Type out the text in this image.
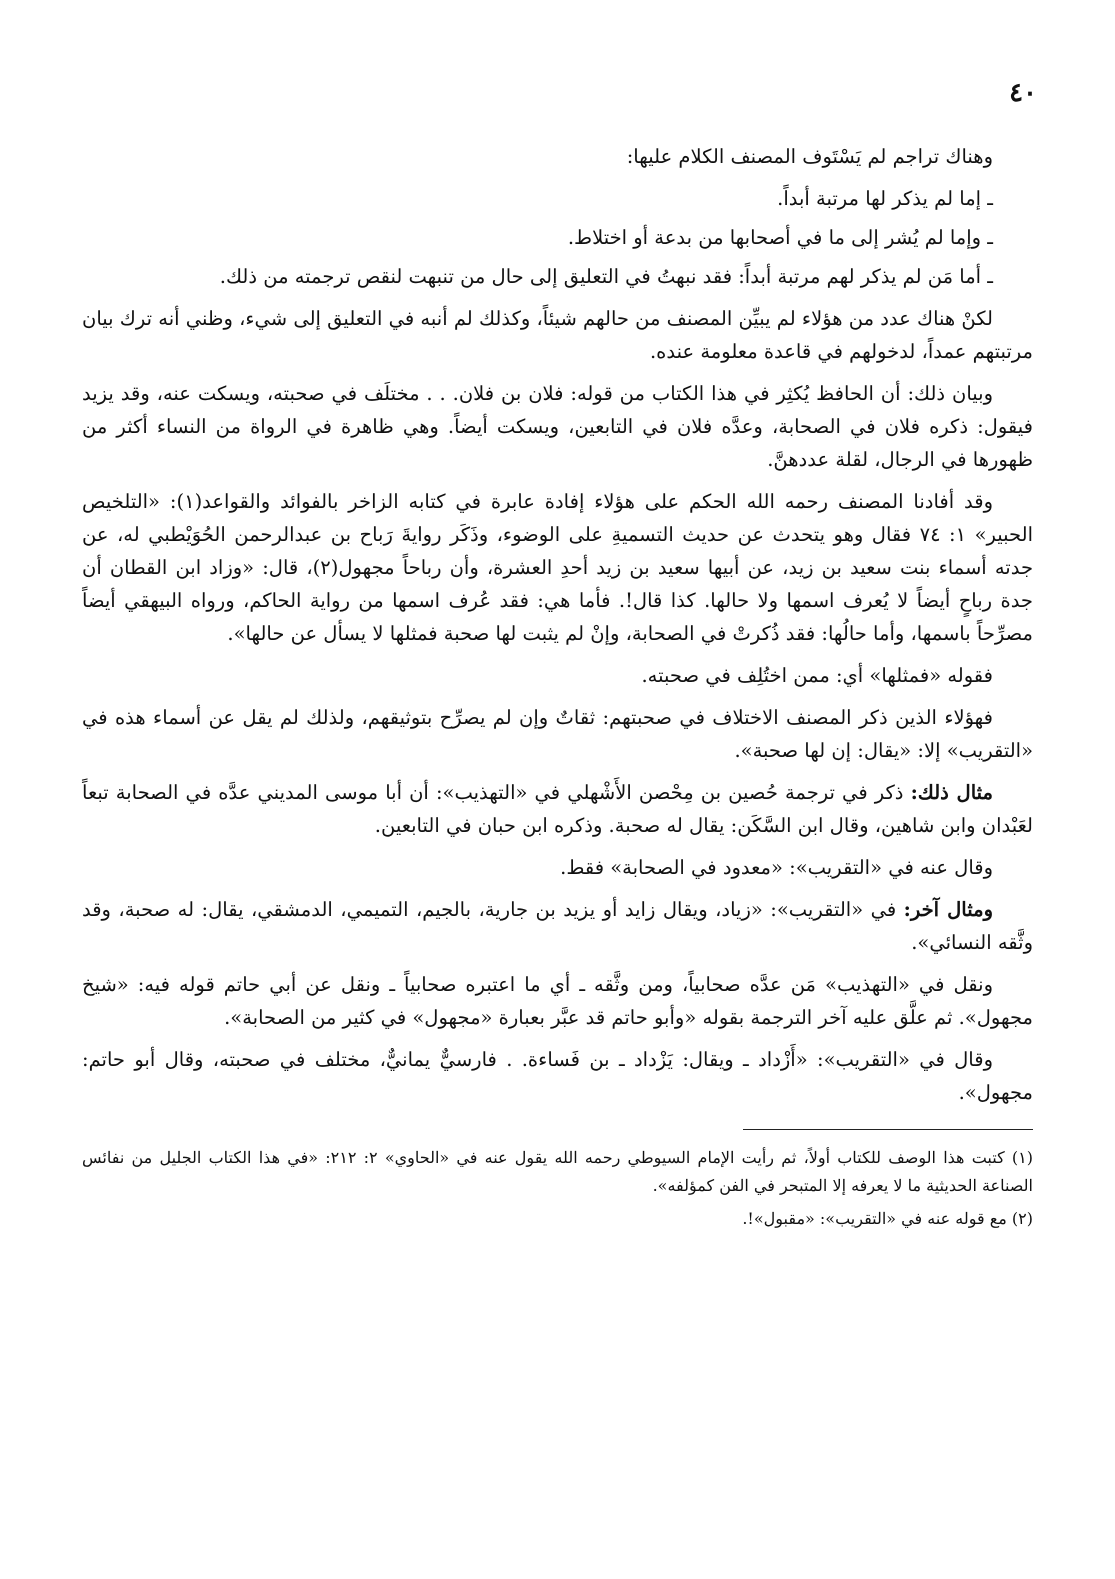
٤٠

وهناك تراجم لم يَسْتَوف المصنف الكلام عليها:

ـ إما لم يذكر لها مرتبة أبداً.

ـ وإما لم يُشر إلى ما في أصحابها من بدعة أو اختلاط.

ـ أما مَن لم يذكر لهم مرتبة أبداً: فقد نبهتُ في التعليق إلى حال من تنبهت لنقص ترجمته من ذلك.

لكنْ هناك عدد من هؤلاء لم يبيِّن المصنف من حالهم شيئاً، وكذلك لم أنبه في التعليق إلى شيء، وظني أنه ترك بيان مرتبتهم عمداً، لدخولهم في قاعدة معلومة عنده.

وبيان ذلك: أن الحافظ يُكثِر في هذا الكتاب من قوله: فلان بن فلان. . . مختلَف في صحبته، ويسكت عنه، وقد يزيد فيقول: ذكره فلان في الصحابة، وعدَّه فلان في التابعين، ويسكت أيضاً. وهي ظاهرة في الرواة من النساء أكثر من ظهورها في الرجال، لقلة عددهنَّ.

وقد أفادنا المصنف رحمه الله الحكم على هؤلاء إفادة عابرة في كتابه الزاخر بالفوائد والقواعد(١): «التلخيص الحبير» ١: ٧٤ فقال وهو يتحدث عن حديث التسميةِ على الوضوء، وذَكَر روايةَ رَباح بن عبدالرحمن الحُوَيْطبي له، عن جدته أسماء بنت سعيد بن زيد، عن أبيها سعيد بن زيد أحدِ العشرة، وأن رباحاً مجهول(٢)، قال: «وزاد ابن القطان أن جدة رباحٍ أيضاً لا يُعرف اسمها ولا حالها. كذا قال!. فأما هي: فقد عُرف اسمها من رواية الحاكم، ورواه البيهقي أيضاً مصرِّحاً باسمها، وأما حالُها: فقد ذُكرتْ في الصحابة، وإنْ لم يثبت لها صحبة فمثلها لا يسأل عن حالها».

فقوله «فمثلها» أي: ممن اختُلِف في صحبته.

فهؤلاء الذين ذكر المصنف الاختلاف في صحبتهم: ثقاتٌ وإن لم يصرِّح بتوثيقهم، ولذلك لم يقل عن أسماء هذه في «التقريب» إلا: «يقال: إن لها صحبة».

مثال ذلك: ذكر في ترجمة حُصين بن مِحْصن الأَشْهلي في «التهذيب»: أن أبا موسى المديني عدَّه في الصحابة تبعاً لعَبْدان وابن شاهين، وقال ابن السَّكَن: يقال له صحبة. وذكره ابن حبان في التابعين.

وقال عنه في «التقريب»: «معدود في الصحابة» فقط.

ومثال آخر: في «التقريب»: «زياد، ويقال زايد أو يزيد بن جارية، بالجيم، التميمي، الدمشقي، يقال: له صحبة، وقد وثَّقه النسائي».

ونقل في «التهذيب» مَن عدَّه صحابياً، ومن وثَّقه ـ أي ما اعتبره صحابياً ـ ونقل عن أبي حاتم قوله فيه: «شيخ مجهول». ثم علَّق عليه آخر الترجمة بقوله «وأبو حاتم قد عبَّر بعبارة «مجهول» في كثير من الصحابة».

وقال في «التقريب»: «أَزْداد ـ ويقال: يَزْداد ـ بن فَساءة. . فارسيٌّ يمانيٌّ، مختلف في صحبته، وقال أبو حاتم: مجهول».

(١) كتبت هذا الوصف للكتاب أولاً، ثم رأيت الإمام السيوطي رحمه الله يقول عنه في «الحاوي» ٢: ٢١٢: «في هذا الكتاب الجليل من نفائس الصناعة الحديثية ما لا يعرفه إلا المتبحر في الفن كمؤلفه».

(٢) مع قوله عنه في «التقريب»: «مقبول»!.
